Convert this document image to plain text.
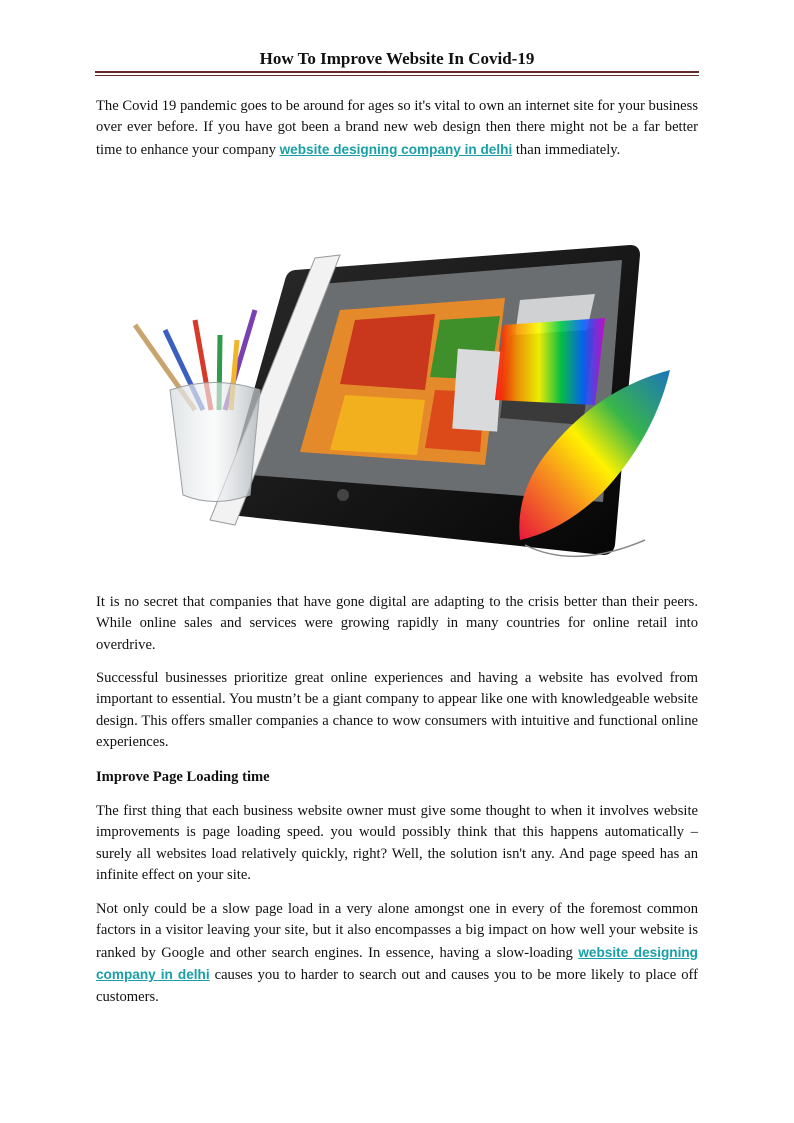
How To Improve Website In Covid-19

The Covid 19 pandemic goes to be around for ages so it's vital to own an internet site for your business over ever before. If you have got been a brand new web design then there might not be a far better time to enhance your company website designing company in delhi than immediately.

It is no secret that companies that have gone digital are adapting to the crisis better than their peers. While online sales and services were growing rapidly in many countries for online retail into overdrive.

Successful businesses prioritize great online experiences and having a website has evolved from important to essential. You mustn’t be a giant company to appear like one with knowledgeable website design. This offers smaller companies a chance to wow consumers with intuitive and functional online experiences.

Improve Page Loading time

The first thing that each business website owner must give some thought to when it involves website improvements is page loading speed. you would possibly think that this happens automatically – surely all websites load relatively quickly, right? Well, the solution isn't any. And page speed has an infinite effect on your site.

Not only could be a slow page load in a very alone amongst one in every of the foremost common factors in a visitor leaving your site, but it also encompasses a big impact on how well your website is ranked by Google and other search engines. In essence, having a slow-loading website designing company in delhi causes you to harder to search out and causes you to be more likely to place off customers.
